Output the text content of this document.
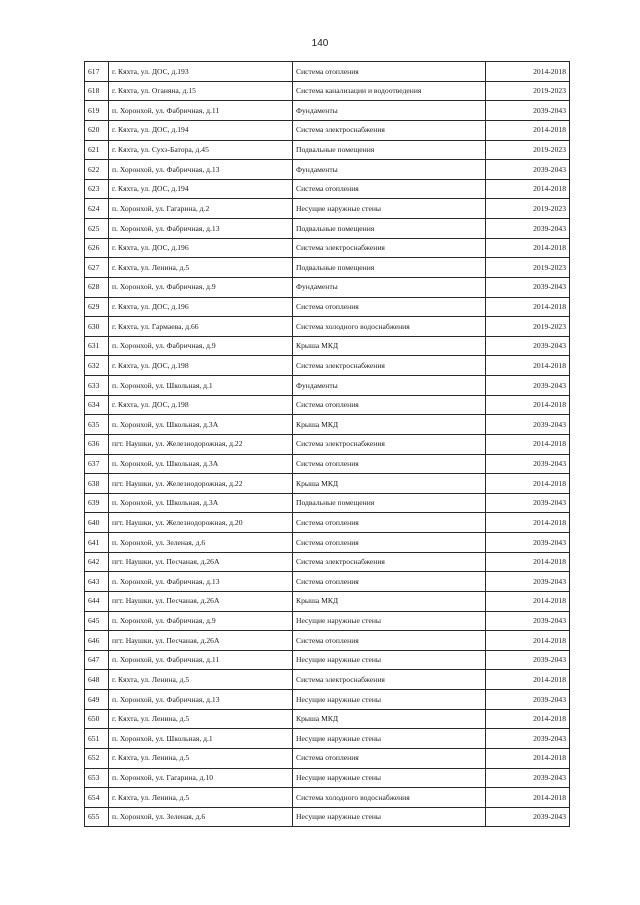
140
617	г. Кяхта, ул. ДОС, д.193	Система отопления	2014-2018
618	г. Кяхта, ул. Оганяна, д.15	Система канализации и водоотведения	2019-2023
619	п. Хоронхой, ул. Фабричная, д.11	Фундаменты	2039-2043
620	г. Кяхта, ул. ДОС, д.194	Система электроснабжения	2014-2018
621	г. Кяхта, ул. Сухэ-Батора, д.45	Подвальные помещения	2019-2023
622	п. Хоронхой, ул. Фабричная, д.13	Фундаменты	2039-2043
623	г. Кяхта, ул. ДОС, д.194	Система отопления	2014-2018
624	п. Хоронхой, ул. Гагарина, д.2	Несущие наружные стены	2019-2023
625	п. Хоронхой, ул. Фабричная, д.13	Подвальные помещения	2039-2043
626	г. Кяхта, ул. ДОС, д.196	Система электроснабжения	2014-2018
627	г. Кяхта, ул. Ленина, д.5	Подвальные помещения	2019-2023
628	п. Хоронхой, ул. Фабричная, д.9	Фундаменты	2039-2043
629	г. Кяхта, ул. ДОС, д.196	Система отопления	2014-2018
630	г. Кяхта, ул. Гармаева, д.66	Система холодного водоснабжения	2019-2023
631	п. Хоронхой, ул. Фабричная, д.9	Крыша МКД	2039-2043
632	г. Кяхта, ул. ДОС, д.198	Система электроснабжения	2014-2018
633	п. Хоронхой, ул. Школьная, д.1	Фундаменты	2039-2043
634	г. Кяхта, ул. ДОС, д.198	Система отопления	2014-2018
635	п. Хоронхой, ул. Школьная, д.3А	Крыша МКД	2039-2043
636	пгт. Наушки, ул. Железнодорожная, д.22	Система электроснабжения	2014-2018
637	п. Хоронхой, ул. Школьная, д.3А	Система отопления	2039-2043
638	пгт. Наушки, ул. Железнодорожная, д.22	Крыша МКД	2014-2018
639	п. Хоронхой, ул. Школьная, д.3А	Подвальные помещения	2039-2043
640	пгт. Наушки, ул. Железнодорожная, д.20	Система отопления	2014-2018
641	п. Хоронхой, ул. Зеленая, д.6	Система отопления	2039-2043
642	пгт. Наушки, ул. Песчаная, д.26А	Система электроснабжения	2014-2018
643	п. Хоронхой, ул. Фабричная, д.13	Система отопления	2039-2043
644	пгт. Наушки, ул. Песчаная, д.26А	Крыша МКД	2014-2018
645	п. Хоронхой, ул. Фабричная, д.9	Несущие наружные стены	2039-2043
646	пгт. Наушки, ул. Песчаная, д.26А	Система отопления	2014-2018
647	п. Хоронхой, ул. Фабричная, д.11	Несущие наружные стены	2039-2043
648	г. Кяхта, ул. Ленина, д.5	Система электроснабжения	2014-2018
649	п. Хоронхой, ул. Фабричная, д.13	Несущие наружные стены	2039-2043
650	г. Кяхта, ул. Ленина, д.5	Крыша МКД	2014-2018
651	п. Хоронхой, ул. Школьная, д.1	Несущие наружные стены	2039-2043
652	г. Кяхта, ул. Ленина, д.5	Система отопления	2014-2018
653	п. Хоронхой, ул. Гагарина, д.10	Несущие наружные стены	2039-2043
654	г. Кяхта, ул. Ленина, д.5	Система холодного водоснабжения	2014-2018
655	п. Хоронхой, ул. Зеленая, д.6	Несущие наружные стены	2039-2043
